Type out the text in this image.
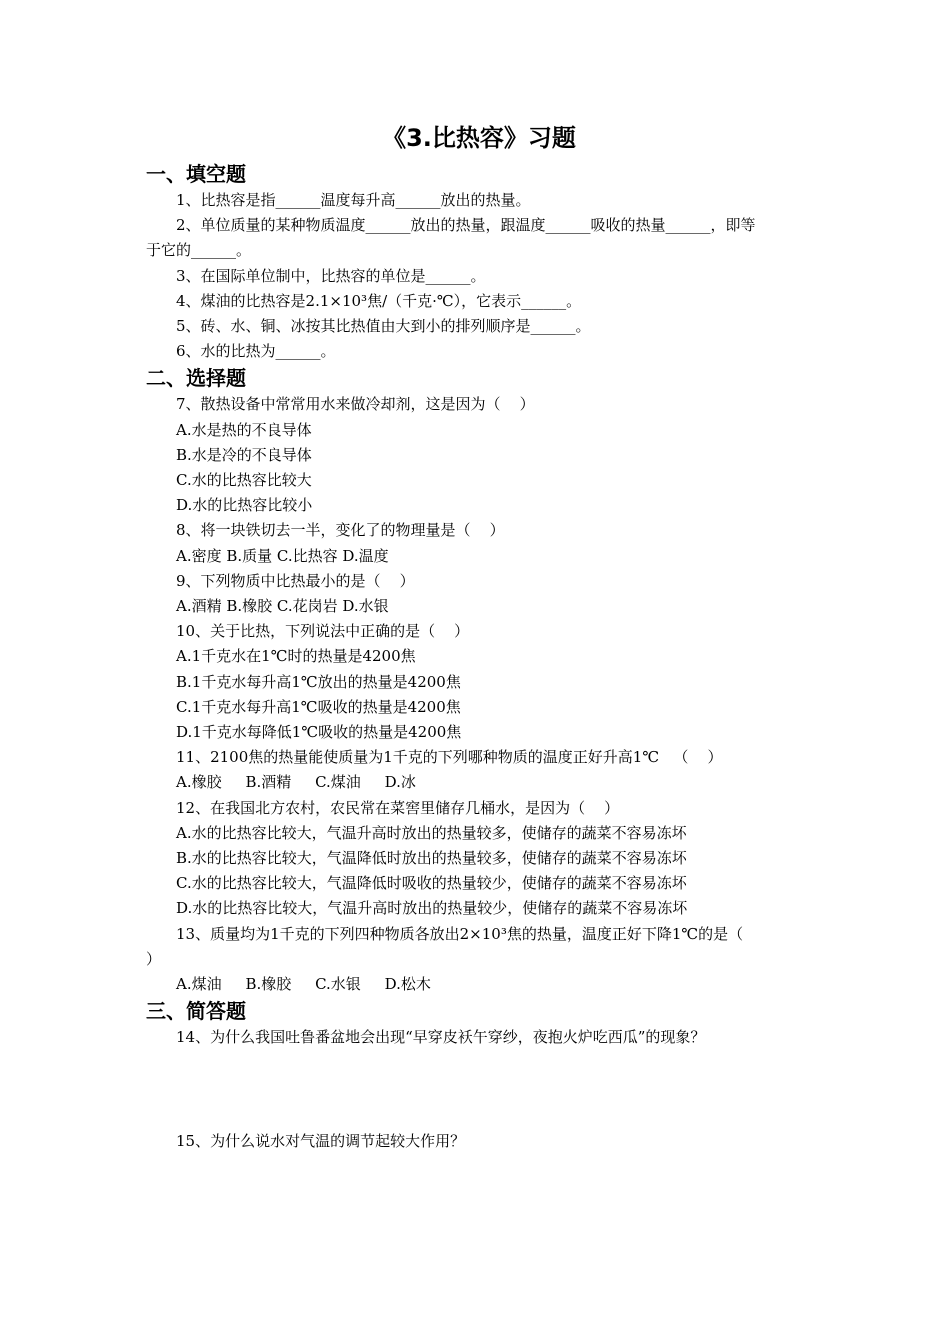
《3.比热容》习题
一、填空题
1、比热容是指______温度每升高______放出的热量。
2、单位质量的某种物质温度______放出的热量，跟温度______吸收的热量______，即等
于它的______。
3、在国际单位制中，比热容的单位是______。
4、煤油的比热容是2.1×10³焦/（千克·℃），它表示______。
5、砖、水、铜、冰按其比热值由大到小的排列顺序是______。
6、水的比热为______。
二、选择题
7、散热设备中常常用水来做冷却剂，这是因为（    ）
A.水是热的不良导体
B.水是冷的不良导体
C.水的比热容比较大
D.水的比热容比较小
8、将一块铁切去一半，变化了的物理量是（    ）
A.密度 B.质量 C.比热容 D.温度
9、下列物质中比热最小的是（    ）
A.酒精 B.橡胶 C.花岗岩 D.水银
10、关于比热，下列说法中正确的是（    ）
A.1千克水在1℃时的热量是4200焦
B.1千克水每升高1℃放出的热量是4200焦
C.1千克水每升高1℃吸收的热量是4200焦
D.1千克水每降低1℃吸收的热量是4200焦
11、2100焦的热量能使质量为1千克的下列哪种物质的温度正好升高1℃   （    ）
A.橡胶     B.酒精     C.煤油     D.冰
12、在我国北方农村，农民常在菜窖里储存几桶水，是因为（    ）
A.水的比热容比较大，气温升高时放出的热量较多，使储存的蔬菜不容易冻坏
B.水的比热容比较大，气温降低时放出的热量较多，使储存的蔬菜不容易冻坏
C.水的比热容比较大，气温降低时吸收的热量较少，使储存的蔬菜不容易冻坏
D.水的比热容比较大，气温升高时放出的热量较少，使储存的蔬菜不容易冻坏
13、质量均为1千克的下列四种物质各放出2×10³焦的热量，温度正好下降1℃的是（
）
A.煤油     B.橡胶     C.水银     D.松木
三、简答题
14、为什么我国吐鲁番盆地会出现“早穿皮袄午穿纱，夜抱火炉吃西瓜”的现象？
15、为什么说水对气温的调节起较大作用？
